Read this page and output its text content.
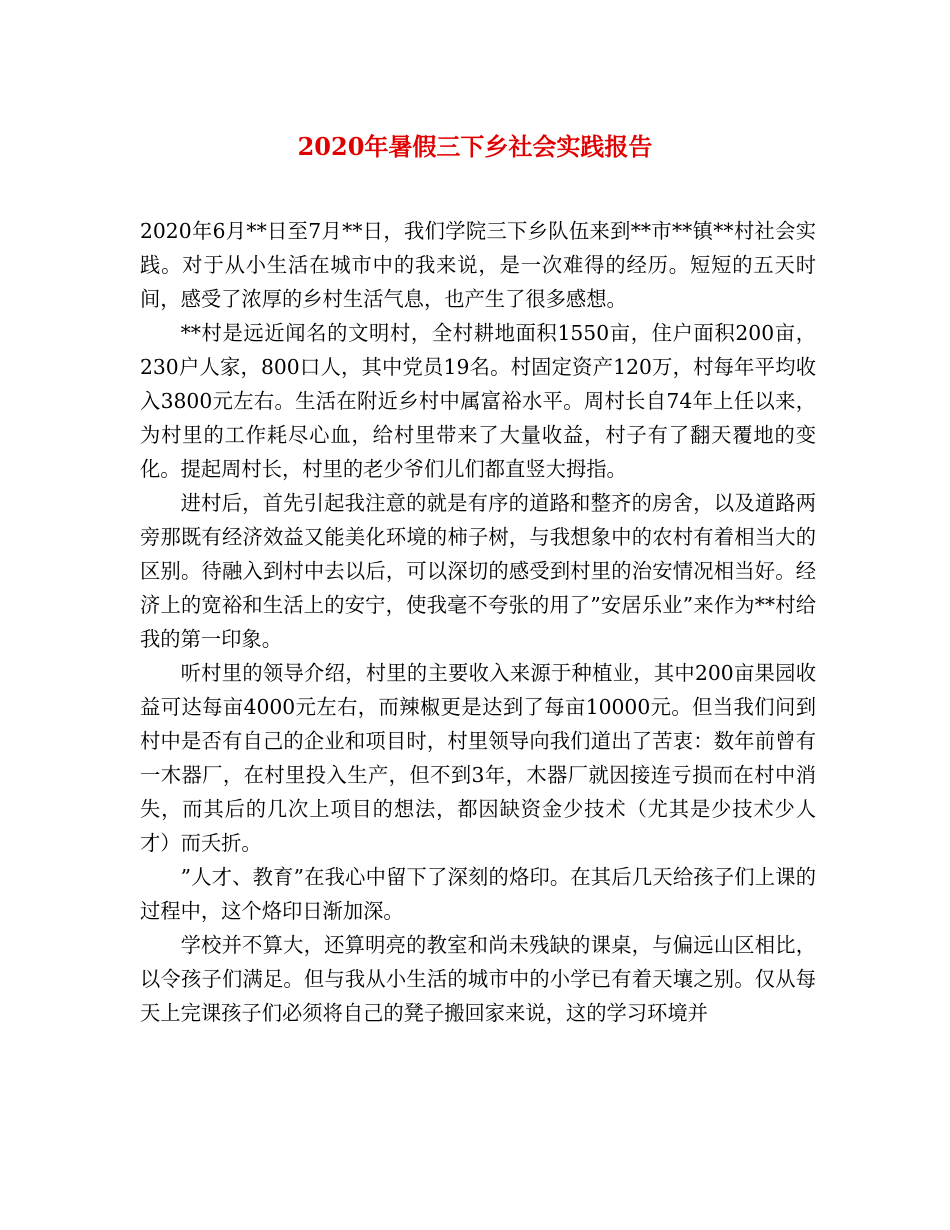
2020年暑假三下乡社会实践报告

2020年6月**日至7月**日，我们学院三下乡队伍来到**市**镇**村社会实践。对于从小生活在城市中的我来说，是一次难得的经历。短短的五天时间，感受了浓厚的乡村生活气息，也产生了很多感想。

**村是远近闻名的文明村，全村耕地面积1550亩，住户面积200亩，230户人家，800口人，其中党员19名。村固定资产120万，村每年平均收入3800元左右。生活在附近乡村中属富裕水平。周村长自74年上任以来，为村里的工作耗尽心血，给村里带来了大量收益，村子有了翻天覆地的变化。提起周村长，村里的老少爷们儿们都直竖大拇指。

进村后，首先引起我注意的就是有序的道路和整齐的房舍，以及道路两旁那既有经济效益又能美化环境的柿子树，与我想象中的农村有着相当大的区别。待融入到村中去以后，可以深切的感受到村里的治安情况相当好。经济上的宽裕和生活上的安宁，使我毫不夸张的用了”安居乐业”来作为**村给我的第一印象。

听村里的领导介绍，村里的主要收入来源于种植业，其中200亩果园收益可达每亩4000元左右，而辣椒更是达到了每亩10000元。但当我们问到村中是否有自己的企业和项目时，村里领导向我们道出了苦衷：数年前曾有一木器厂，在村里投入生产，但不到3年，木器厂就因接连亏损而在村中消失，而其后的几次上项目的想法，都因缺资金少技术（尤其是少技术少人才）而夭折。

”人才、教育”在我心中留下了深刻的烙印。在其后几天给孩子们上课的过程中，这个烙印日渐加深。

学校并不算大，还算明亮的教室和尚未残缺的课桌，与偏远山区相比，以令孩子们满足。但与我从小生活的城市中的小学已有着天壤之别。仅从每天上完课孩子们必须将自己的凳子搬回家来说，这的学习环境并
